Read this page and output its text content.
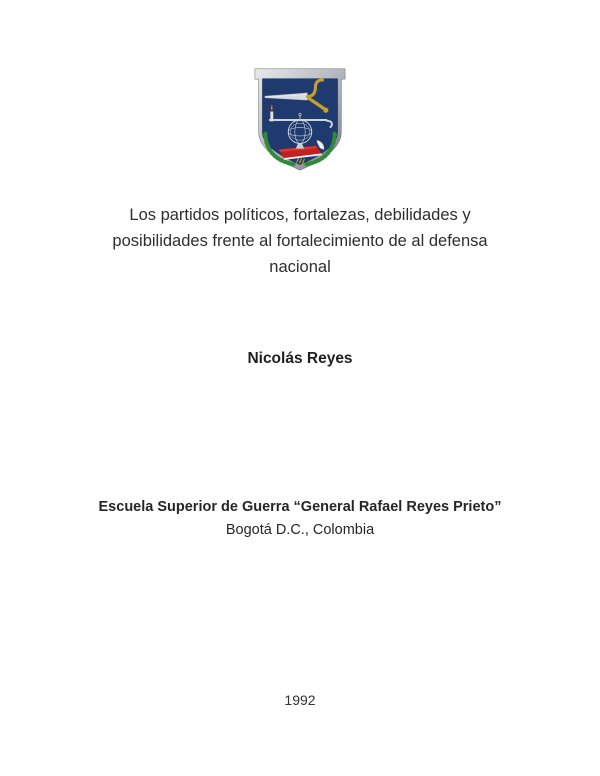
Los partidos políticos, fortalezas, debilidades y
posibilidades frente al fortalecimiento de al defensa
nacional
Nicolás Reyes
Escuela Superior de Guerra “General Rafael Reyes Prieto”
Bogotá D.C., Colombia
1992
